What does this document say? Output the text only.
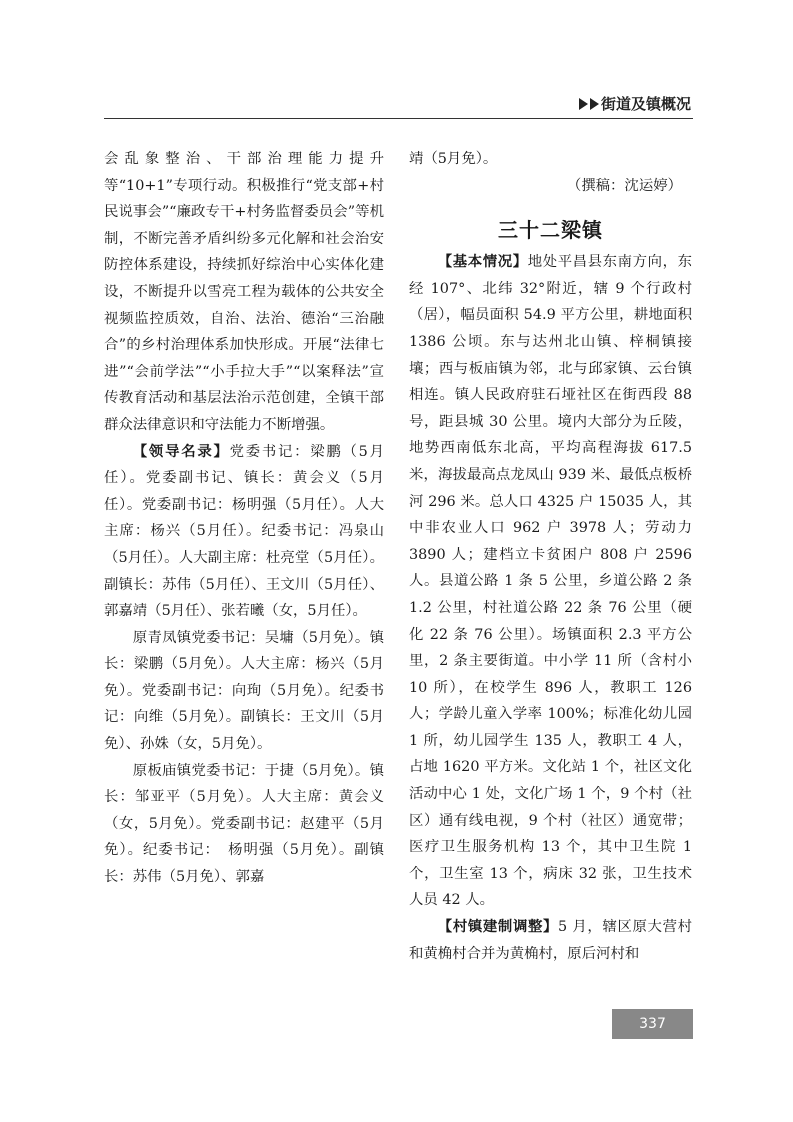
街道及镇概况

会乱象整治、干部治理能力提升等“10+1”专项行动。积极推行“党支部+村民说事会”“廉政专干+村务监督委员会”等机制，不断完善矛盾纠纷多元化解和社会治安防控体系建设，持续抓好综治中心实体化建设，不断提升以雪亮工程为载体的公共安全视频监控质效，自治、法治、德治“三治融合”的乡村治理体系加快形成。开展“法律七进”“会前学法”“小手拉大手”“以案释法”宣传教育活动和基层法治示范创建，全镇干部群众法律意识和守法能力不断增强。

【领导名录】党委书记：梁鹏（5月任）。党委副书记、镇长：黄会义（5月任）。党委副书记：杨明强（5月任）。人大主席：杨兴（5月任）。纪委书记：冯泉山（5月任）。人大副主席：杜亮堂（5月任）。副镇长：苏伟（5月任）、王文川（5月任）、郭嘉靖（5月任）、张若曦（女，5月任）。

原青凤镇党委书记：吴墉（5月免）。镇长：梁鹏（5月免）。人大主席：杨兴（5月免）。党委副书记：向珣（5月免）。纪委书记：向维（5月免）。副镇长：王文川（5月免）、孙姝（女，5月免）。

原板庙镇党委书记：于捷（5月免）。镇长：邹亚平（5月免）。人大主席：黄会义（女，5月免）。党委副书记：赵建平（5月免）。纪委书记：　杨明强（5月免）。副镇长：苏伟（5月免）、郭嘉

靖（5月免）。

（撰稿：沈运婷）

三十二梁镇

【基本情况】地处平昌县东南方向，东经 107°、北纬 32°附近，辖 9 个行政村（居），幅员面积 54.9 平方公里，耕地面积 1386 公顷。东与达州北山镇、梓桐镇接壤；西与板庙镇为邻，北与邱家镇、云台镇相连。镇人民政府驻石垭社区在街西段 88 号，距县城 30 公里。境内大部分为丘陵，地势西南低东北高，平均高程海拔 617.5 米，海拔最高点龙凤山 939 米、最低点板桥河 296 米。总人口 4325 户 15035 人，其中非农业人口 962 户 3978 人；劳动力 3890 人；建档立卡贫困户 808 户 2596 人。县道公路 1 条 5 公里，乡道公路 2 条 1.2 公里，村社道公路 22 条 76 公里（硬化 22 条 76 公里）。场镇面积 2.3 平方公里，2 条主要街道。中小学 11 所（含村小 10 所），在校学生 896 人，教职工 126 人；学龄儿童入学率 100%；标准化幼儿园 1 所，幼儿园学生 135 人，教职工 4 人，占地 1620 平方米。文化站 1 个，社区文化活动中心 1 处，文化广场 1 个，9 个村（社区）通有线电视，9 个村（社区）通宽带；医疗卫生服务机构 13 个，其中卫生院 1 个，卫生室 13 个，病床 32 张，卫生技术人员 42 人。

【村镇建制调整】5 月，辖区原大营村和黄桷村合并为黄桷村，原后河村和

337
